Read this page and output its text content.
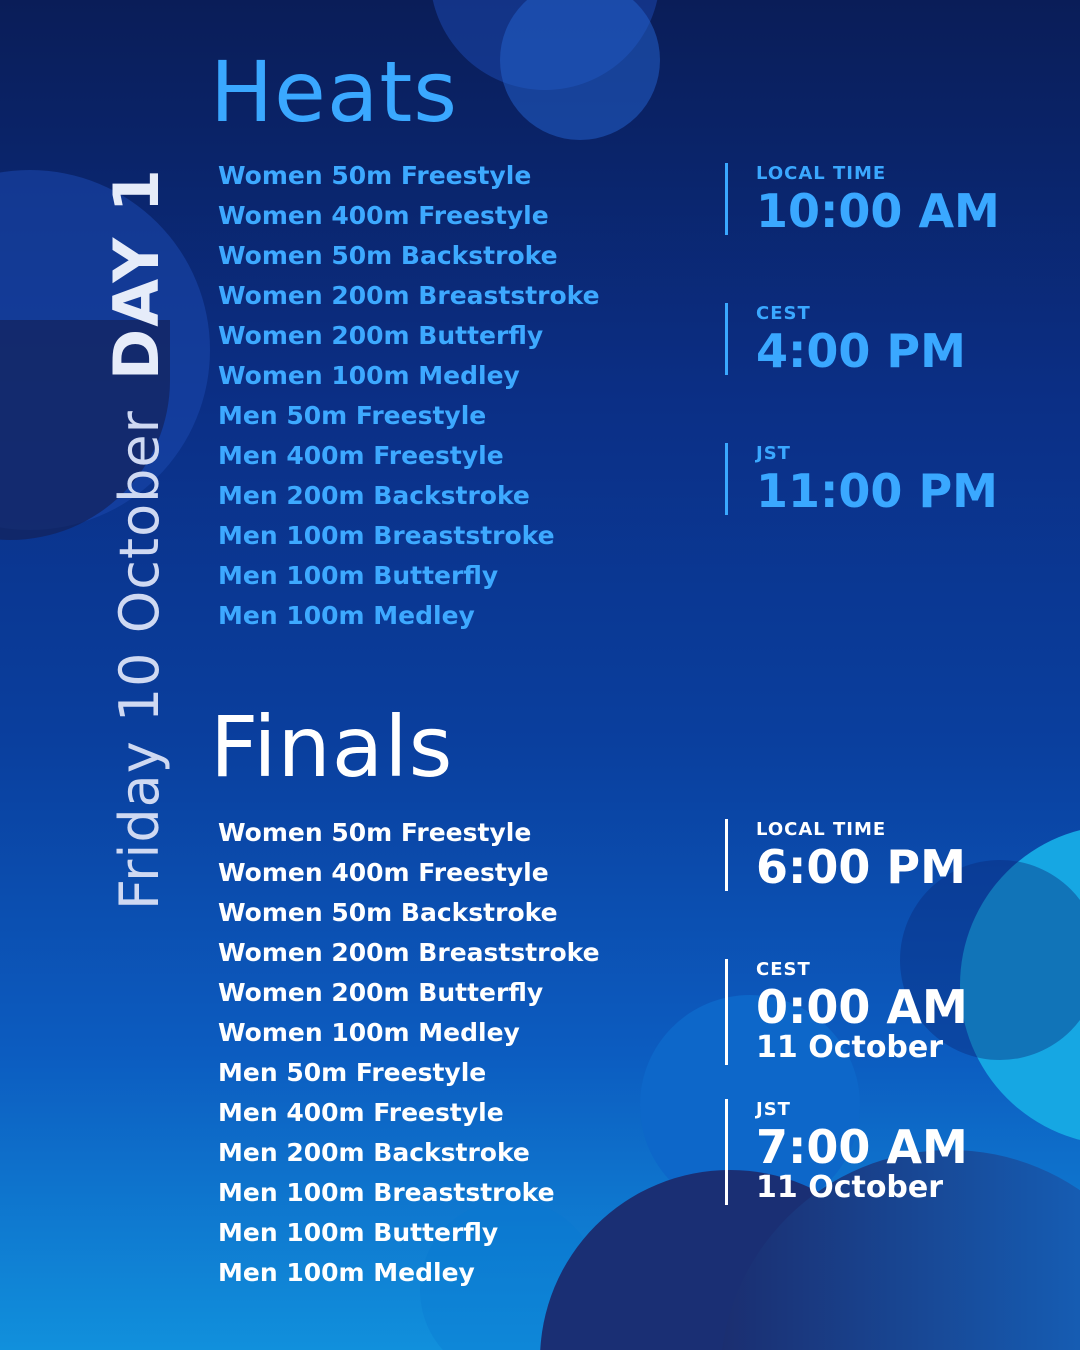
Friday 10 OctoberDAY 1
Heats
Women 50m Freestyle
Women 400m Freestyle
Women 50m Backstroke
Women 200m Breaststroke
Women 200m Butterfly
Women 100m Medley
Men 50m Freestyle
Men 400m Freestyle
Men 200m Backstroke
Men 100m Breaststroke
Men 100m Butterfly
Men 100m Medley
LOCAL TIME
10:00 AM
CEST
4:00 PM
JST
11:00 PM
Finals
Women 50m Freestyle
Women 400m Freestyle
Women 50m Backstroke
Women 200m Breaststroke
Women 200m Butterfly
Women 100m Medley
Men 50m Freestyle
Men 400m Freestyle
Men 200m Backstroke
Men 100m Breaststroke
Men 100m Butterfly
Men 100m Medley
LOCAL TIME
6:00 PM
CEST
0:00 AM
11 October
JST
7:00 AM
11 October
